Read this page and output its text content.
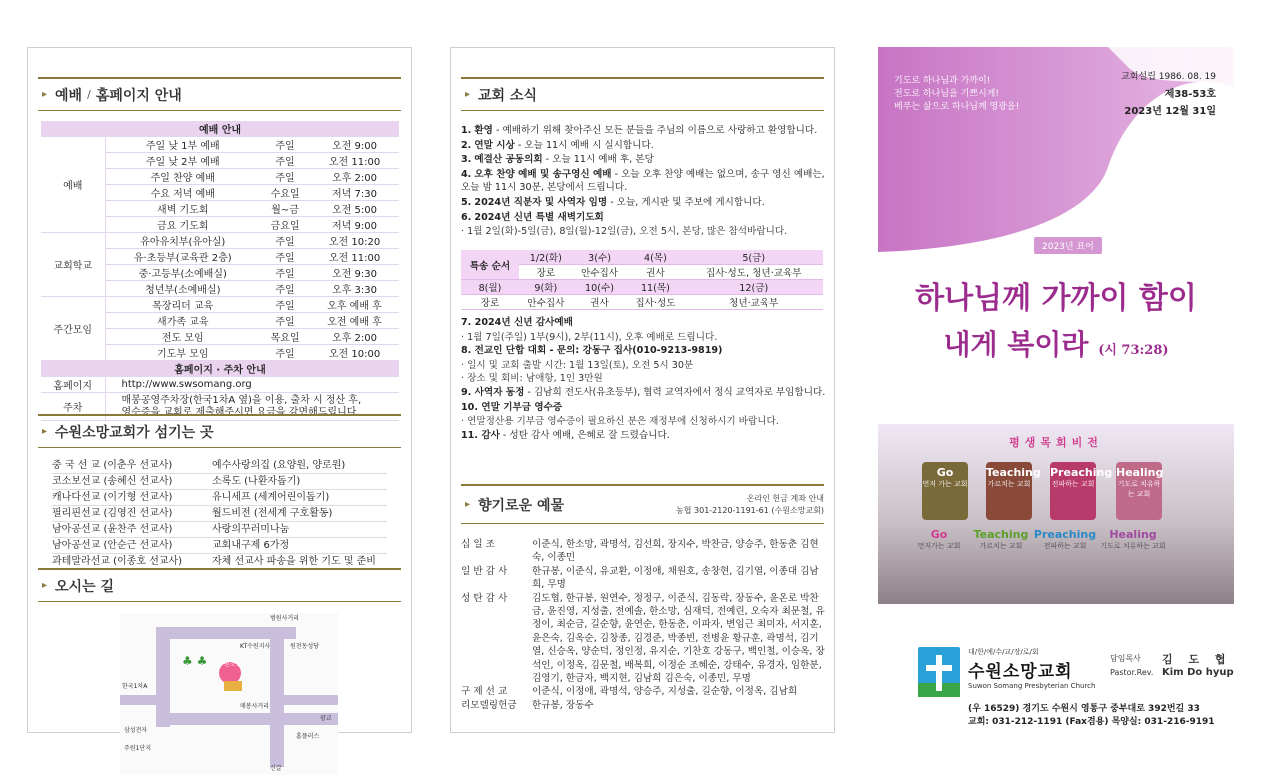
▸ 예배 / 홈페이지 안내
예배 안내			
예배	주일 낮 1부 예배	주일	오전 9:00
	주일 낮 2부 예배	주일	오전 11:00
	주일 찬양 예배	주일	오후 2:00
	수요 저녁 예배	수요일	저녁 7:30
	새벽 기도회	월~금	오전 5:00
	금요 기도회	금요일	저녁 9:00
교회학교	유아유치부(유아실)	주일	오전 10:20
	유·초등부(교육관 2층)	주일	오전 11:00
	중·고등부(소예배실)	주일	오전 9:30
	청년부(소예배실)	주일	오후 3:30
주간모임	목장리더 교육	주일	오후 예배 후
	새가족 교육	주일	오전 예배 후
	전도 모임	목요일	오후 2:00
	기도부 모임	주일	오전 10:00
홈페이지 · 주차 안내			
홈페이지	http://www.swsomang.org		
주차	매봉공영주차장(한국1차A 옆)을 이용, 출차 시 정산 후,
영수증을 교회로 제출해주시면 요금을 감면해드립니다.		
중 국 선 교 (이춘우 선교사)	예수사랑의집 (요양원, 양로원)
코소보선교 (송혜신 선교사)	소록도 (나환자돕기)
캐나다선교 (이기형 선교사)	유니세프 (세계어린이돕기)
필리핀선교 (김영진 선교사)	월드비전 (전세계 구호활동)
남아공선교 (윤찬주 선교사)	사랑의꾸러미나눔
남아공선교 (안순근 선교사)	교회내구제 6가정
과테말라선교 (이종호 선교사)	자체 선교사 파송을 위한 기도 및 준비
▸ 수원소망교회가 섬기는 곳
▸ 오시는 길
♣ ♣
범원사거리
KT수원지사	원천동성당
한국1차A
수원소망교회
매봉사거리
신갈
주원1단지
삼성전자
홈플러스
광교
▸ 교회 소식
1. 환영 - 예배하기 위해 찾아주신 모든 분들을 주님의 이름으로 사랑하고 환영합니다.
2. 연말 시상 - 오늘 11시 예배 시 실시합니다.
3. 예결산 공동의회 - 오늘 11시 예배 후, 본당
4. 오후 찬양 예배 및 송구영신 예배 - 오늘 오후 찬양 예배는 없으며, 송구 영신 예배는, 오늘 밤 11시 30분, 본당에서 드립니다.
5. 2024년 직분자 및 사역자 임명 - 오늘, 게시판 및 주보에 게시합니다.
6. 2024년 신년 특별 새벽기도회
· 1월 2일(화)-5일(금), 8일(월)-12일(금), 오전 5시, 본당, 많은 참석바랍니다.
특송 순서	1/2(화)	3(수)	4(목)	5(금)
	장로	안수집사	권사	집사·성도, 청년·교육부
8(월)	9(화)	10(수)	11(목)	12(금)
장로	안수집사	권사	집사·성도	청년·교육부
7. 2024년 신년 감사예배
· 1월 7일(주일) 1부(9시), 2부(11시), 오후 예배로 드립니다.
8. 전교인 단합 대회 - 문의: 강동구 집사(010-9213-9819)
· 일시 및 교회 출발 시간: 1월 13일(토), 오전 5시 30분
· 장소 및 회비: 남애항, 1인 3만원
9. 사역자 동정 - 김남희 전도사(유초등부), 협력 교역자에서 정식 교역자로 부임합니다.
10. 연말 기부금 영수증
· 연말정산용 기부금 영수증이 필요하신 분은 재정부에 신청하시기 바랍니다.
11. 감사 - 성탄 감사 예배, 은혜로 잘 드렸습니다.
▸ 향기로운 예물	온라인 헌금 계좌 안내
농협 301-2120-1191-61 (수원소망교회)
십 일 조	이준식, 한소망, 곽명석, 김선희, 장지수, 박찬금, 양승주, 한동춘 김현숙, 이종민
일 반 감 사	한규봉, 이준식, 유교환, 이정애, 채원호, 송창현, 김기열, 이종대 김남희, 무명
성 탄 감 사	김도협, 한규봉, 원연수, 정정구, 이준식, 김동락, 장동수, 윤온로 박찬금, 윤진영, 지성출, 전예솔, 한소망, 심재덕, 전예린, 오숙자 최문철, 유정이, 최순금, 길순향, 윤연순, 한동춘, 이파자, 변임근 최미자, 서지훈, 윤은숙, 김옥순, 김창종, 김경준, 박종빈, 전병윤 황규훈, 곽명석, 김기열, 신승옥, 양순덕, 정인정, 유지순, 기찬호 강동구, 백인철, 이승옥, 장석인, 이정옥, 김문철, 배복희, 이정순 조혜순, 강태수, 유경자, 임한분, 김영기, 한금자, 백지현, 김남희 김은숙, 이종민, 무명
구 제 선 교	이준식, 이정애, 곽명석, 양승주, 지성출, 길순향, 이정옥, 김남희
리모델링헌금	한규봉, 장동수
기도로 하나님과 가까이!
전도로 하나님을 기쁘시게!
베푸는 삶으로 하나님께 영광을!
교회설립 1986. 08. 19
제38-53호
2023년 12월 31일
2023년 표어
하나님께 가까이 함이
내게 복이라 (시 73:28)
평생목회비전
Go
먼저 가는 교회
Teaching
가르치는 교회
Preaching
전파하는 교회
Healing
기도로 치유하는 교회
Go
먼저가는 교회
Teaching
가르치는 교회
Preaching
전파하는 교회
Healing
기도로 치유하는 교회
대/한/예/수/교/장/로/회
수원소망교회
Suwon Somang Presbyterian Church
담임목사
Pastor.Rev.
김 도 협
Kim Do hyup
(우 16529) 경기도 수원시 영통구 중부대로 392번길 33
교회: 031-212-1191 (Fax겸용) 목양실: 031-216-9191
